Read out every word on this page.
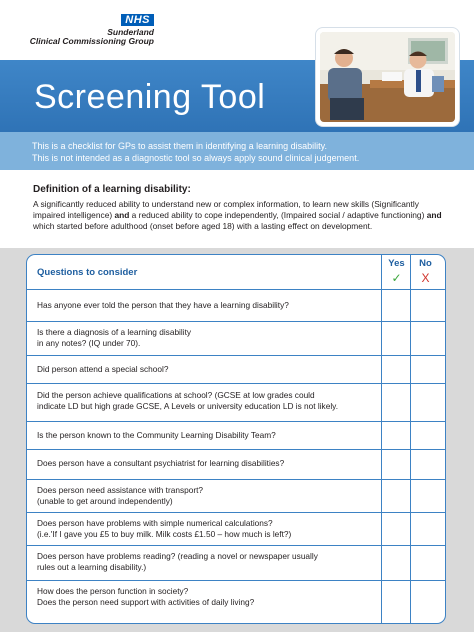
NHS
Sunderland
Clinical Commissioning Group
Screening Tool

This is a checklist for GPs to assist them in identifying a learning disability.

This is not intended as a diagnostic tool so always apply sound clinical judgement.

Definition of a learning disability:
A significantly reduced ability to understand new or complex information, to learn new skills (Significantly impaired intelligence) and a reduced ability to cope independently, (Impaired social / adaptive functioning) and which started before adulthood (onset before aged 18) with a lasting effect on development.
Questions to consider
Yes	No
✓	X
Has anyone ever told the person that they have a learning disability?
Is there a diagnosis of a learning disability
in any notes? (IQ under 70).
Did person attend a special school?
Did the person achieve qualifications at school? (GCSE at low grades could
indicate LD but high grade GCSE, A Levels or university education LD is not likely.
Is the person known to the Community Learning Disability Team?
Does person have a consultant psychiatrist for learning disabilities?
Does person need assistance with transport?
(unable to get around independently)
Does person have problems with simple numerical calculations?
(i.e.'If I gave you £5 to buy milk. Milk costs £1.50 – how much is left?)
Does person have problems reading? (reading a novel or newspaper usually
rules out a learning disability.)
How does the person function in society?
Does the person need support with activities of daily living?
